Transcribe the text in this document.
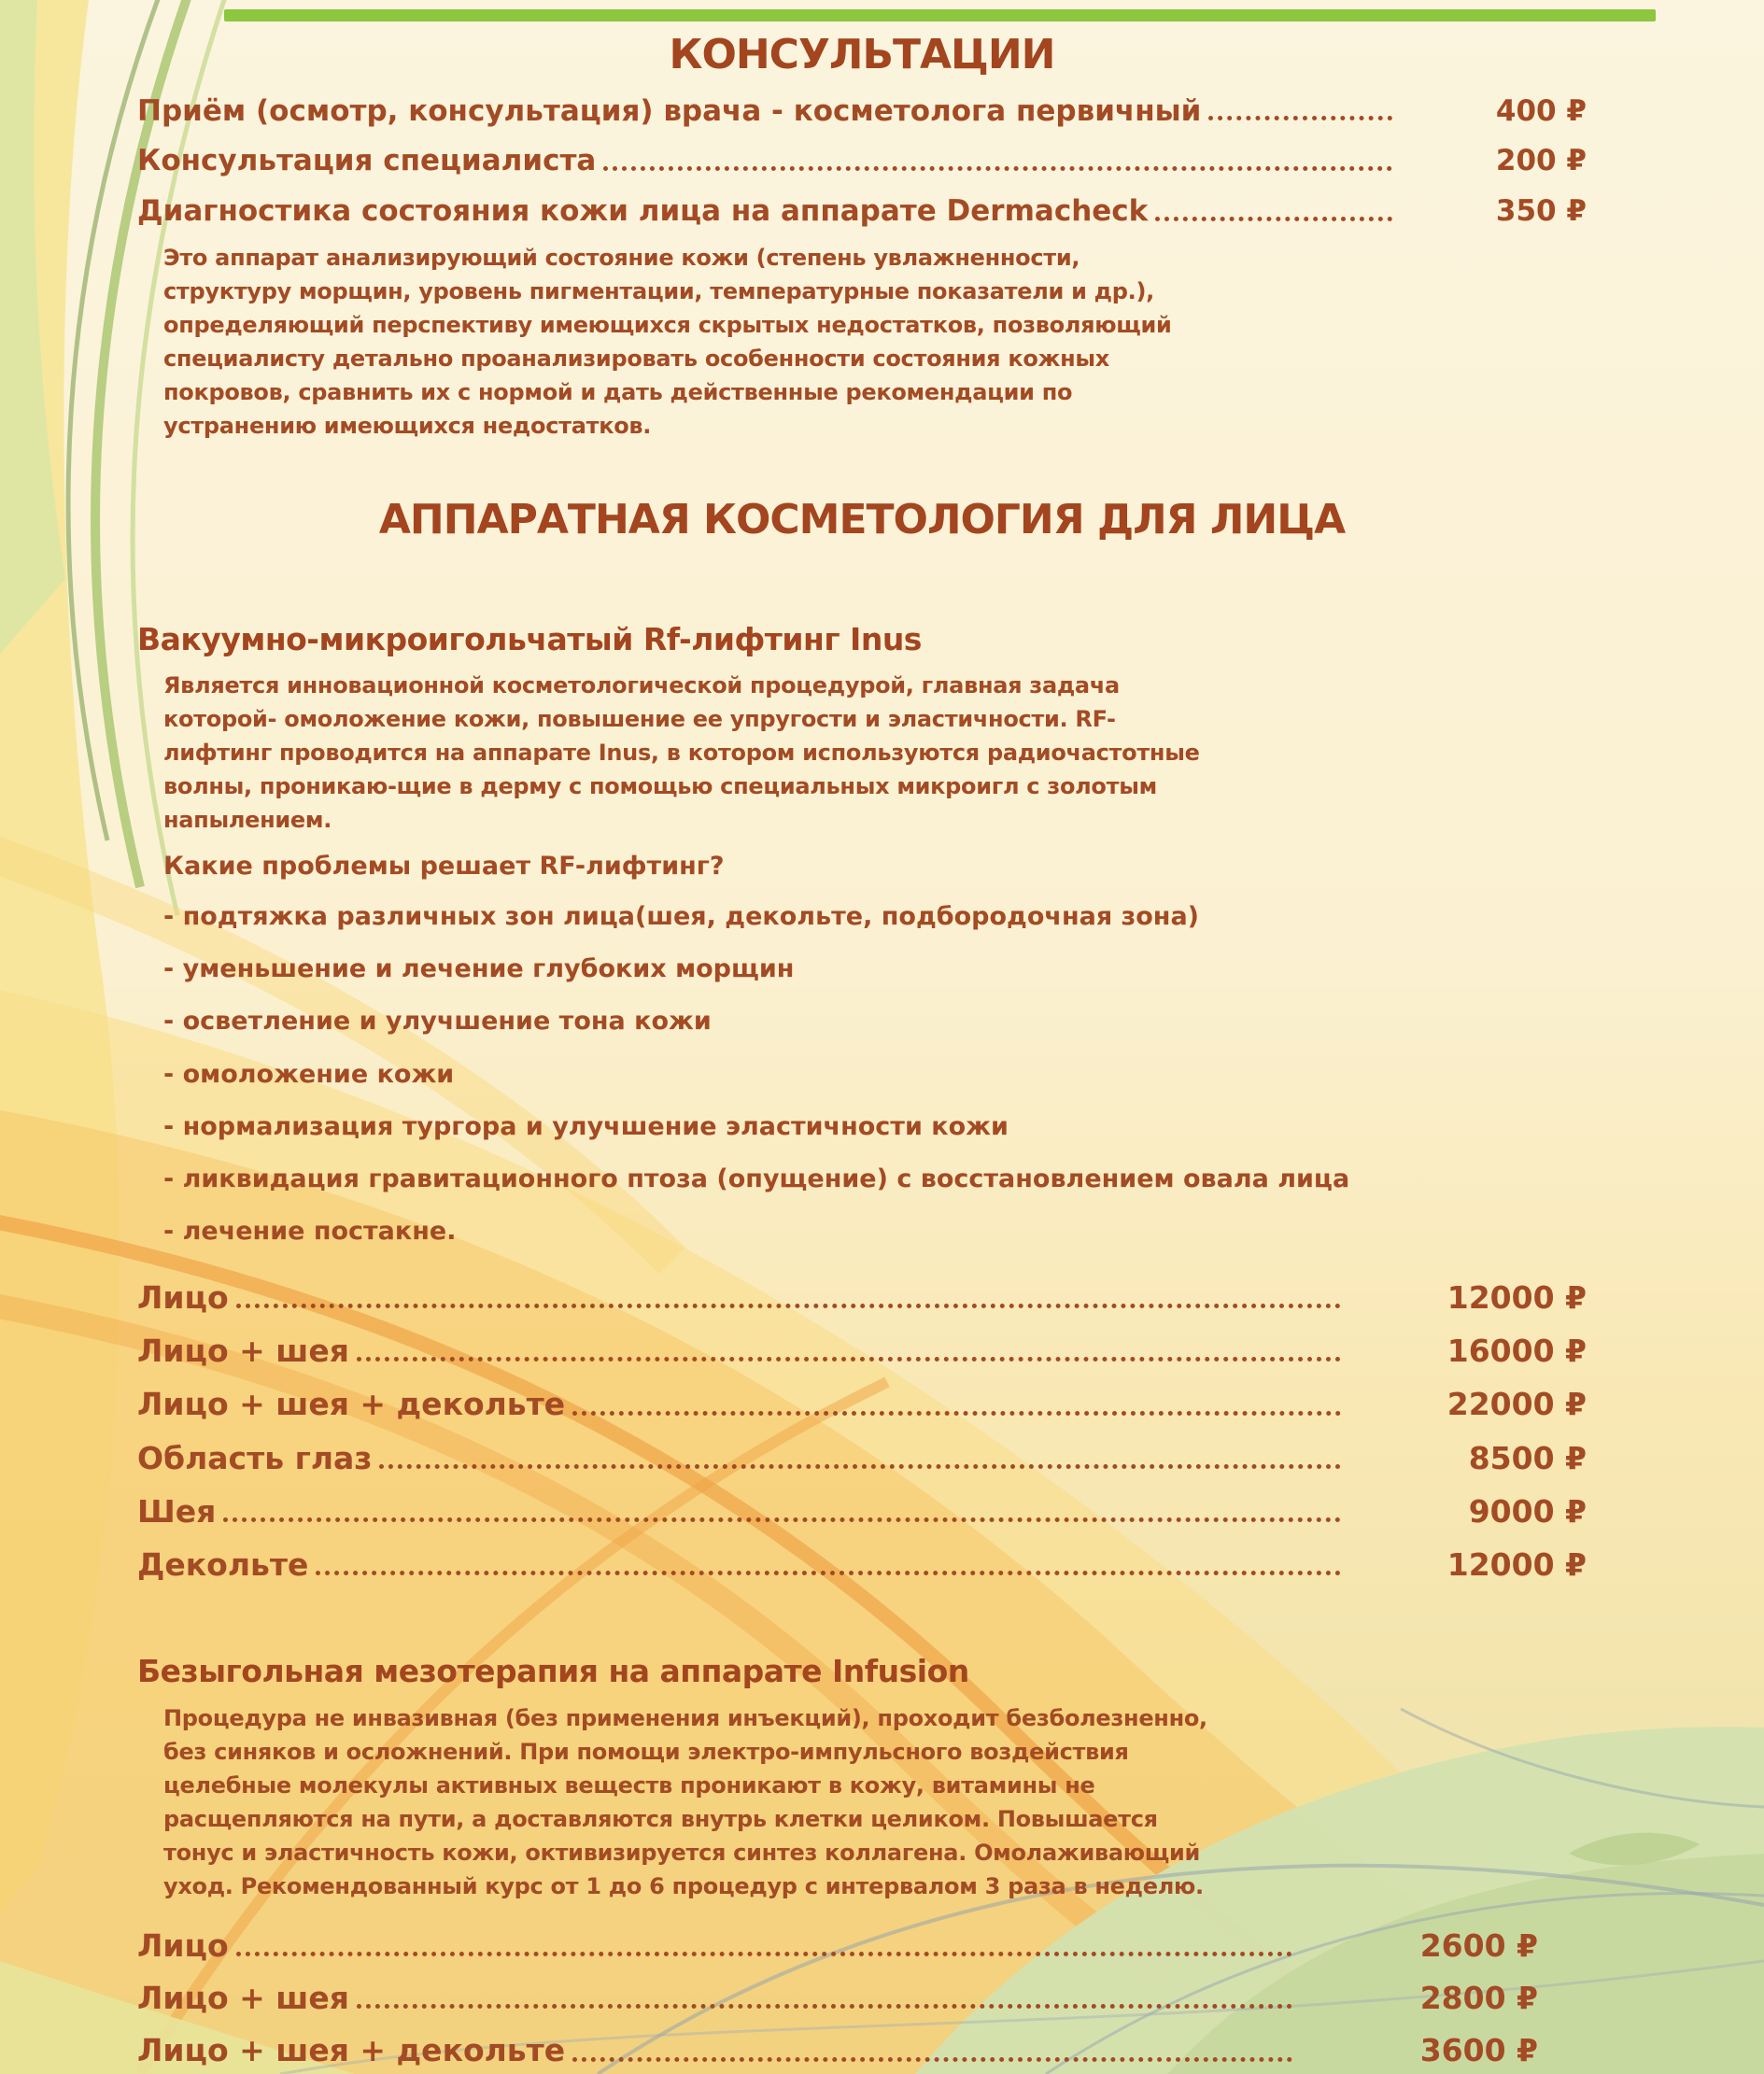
КОНСУЛЬТАЦИИ
Приём (осмотр, консультация) врача - косметолога первичный	400 ₽
Консультация специалиста	200 ₽
Диагностика состояния кожи лица на аппарате Dermacheck	350 ₽

Это аппарат анализирующий состояние кожи (степень увлажненности, структуру морщин, уровень пигментации, температурные показатели и др.), определяющий перспективу имеющихся скрытых недостатков, позволяющий специалисту детально проанализировать особенности состояния кожных покровов, сравнить их с нормой и дать действенные рекомендации по устранению имеющихся недостатков.

АППАРАТНАЯ КОСМЕТОЛОГИЯ ДЛЯ ЛИЦА
Вакуумно-микроигольчатый Rf-лифтинг Inus

Является инновационной косметологической процедурой, главная задача которой- омоложение кожи, повышение ее упругости и эластичности. RF-лифтинг проводится на аппарате Inus, в котором используются радиочастотные волны, проникаю-щие в дерму с помощью специальных микроигл с золотым напылением.

Какие проблемы решает RF-лифтинг?

- подтяжка различных зон лица(шея, декольте, подбородочная зона)
- уменьшение и лечение глубоких морщин
- осветление и улучшение тона кожи
- омоложение кожи
- нормализация тургора и улучшение эластичности кожи
- ликвидация гравитационного птоза (опущение) с восстановлением овала лица
- лечение постакне.
Лицо	12000 ₽
Лицо + шея	16000 ₽
Лицо + шея + декольте	22000 ₽
Область глаз	8500 ₽
Шея	9000 ₽
Декольте	12000 ₽
Безыгольная мезотерапия на аппарате Infusion

Процедура не инвазивная (без применения инъекций), проходит безболезненно, без синяков и осложнений. При помощи электро-импульсного воздействия целебные молекулы активных веществ проникают в кожу, витамины не расщепляются на пути, а доставляются внутрь клетки целиком. Повышается тонус и эластичность кожи, октивизируется синтез коллагена. Омолаживающий уход. Рекомендованный курс от 1 до 6 процедур с интервалом 3 раза в неделю.

Лицо	2600 ₽
Лицо + шея	2800 ₽
Лицо + шея + декольте	3600 ₽
